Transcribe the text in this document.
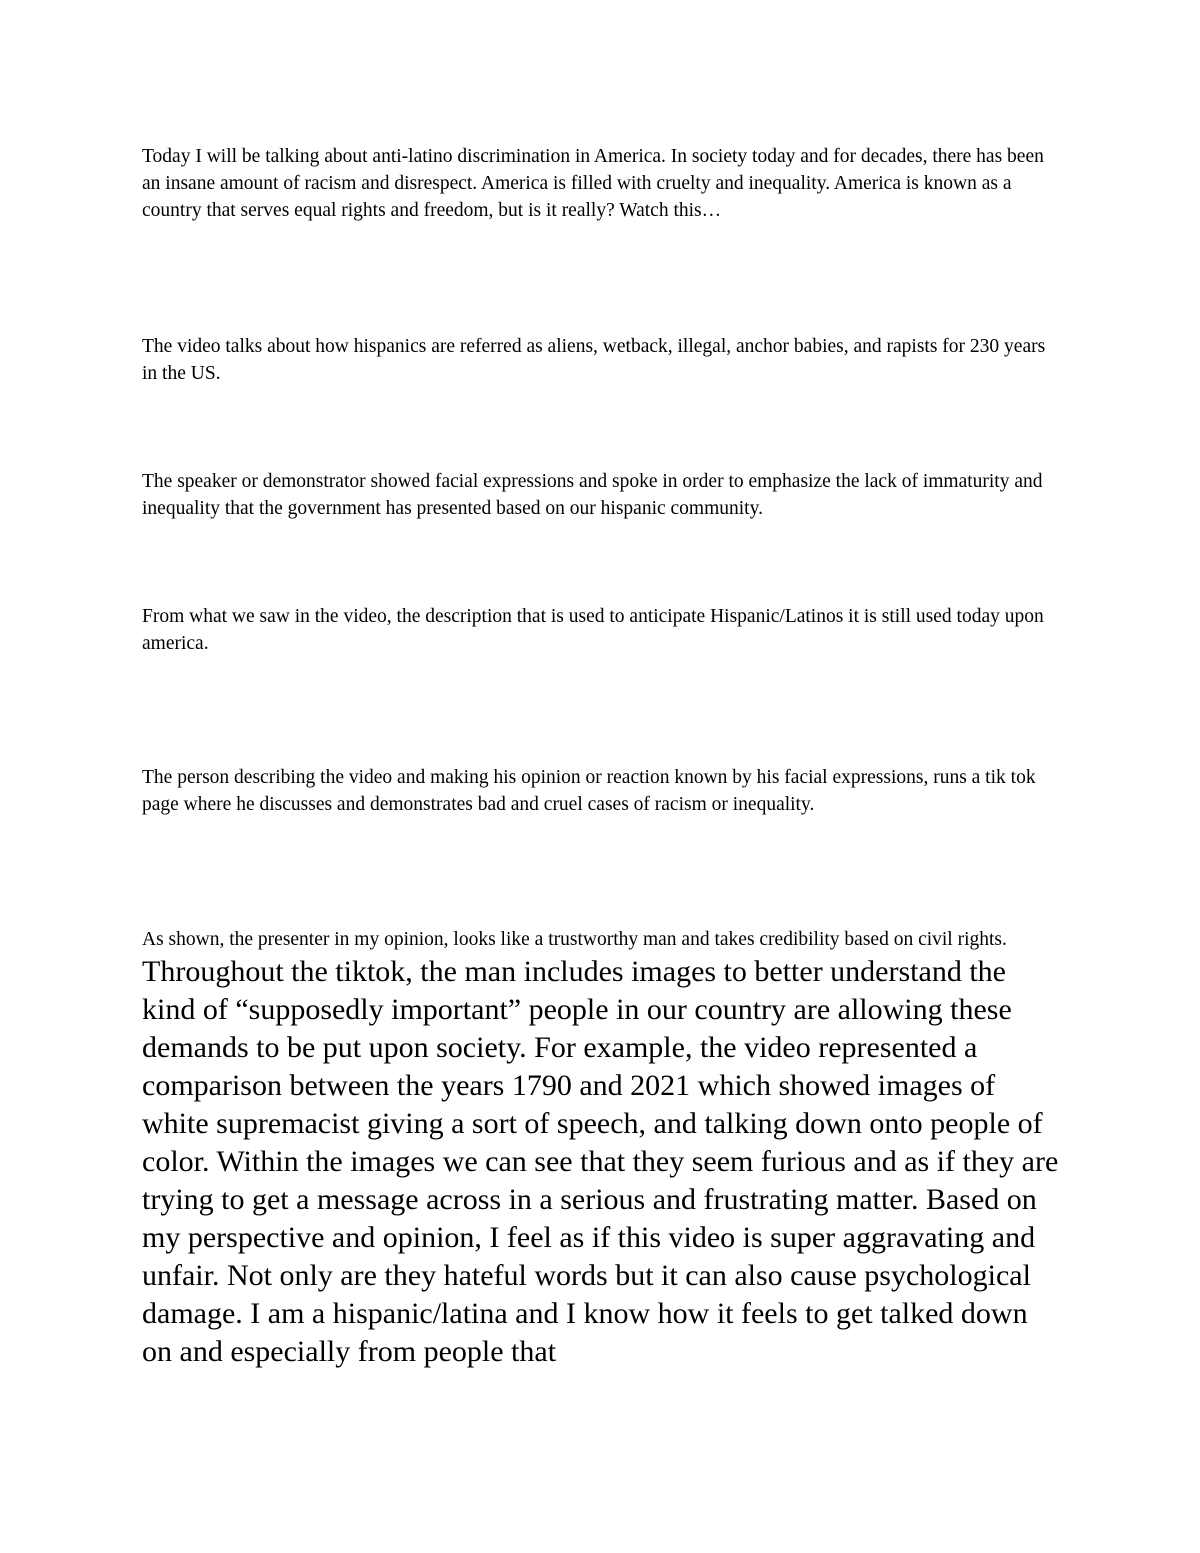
Today I will be talking about anti-latino discrimination in America. In society today and for decades, there has been an insane amount of racism and disrespect. America is filled with cruelty and inequality. America is known as a country that serves equal rights and freedom, but is it really? Watch this…

The video talks about how hispanics are referred as aliens, wetback, illegal, anchor babies, and rapists for 230 years in the US.

The speaker or demonstrator showed facial expressions and spoke in order to emphasize the lack of immaturity and inequality that the government has presented based on our hispanic community.

From what we saw in the video, the description that is used to anticipate Hispanic/Latinos it is still used today upon america.

The person describing the video and making his opinion or reaction known by his facial expressions, runs a tik tok page where he discusses and demonstrates bad and cruel cases of racism or inequality.

As shown, the presenter in my opinion, looks like a trustworthy man and takes credibility based on civil rights. Throughout the tiktok, the man includes images to better understand the kind of “supposedly important” people in our country are allowing these demands to be put upon society. For example, the video represented a comparison between the years 1790 and 2021 which showed images of white supremacist giving a sort of speech, and talking down onto people of color. Within the images we can see that they seem furious and as if they are trying to get a message across in a serious and frustrating matter. Based on my perspective and opinion, I feel as if this video is super aggravating and unfair. Not only are they hateful words but it can also cause psychological damage. I am a hispanic/latina and I know how it feels to get talked down on and especially from people that
